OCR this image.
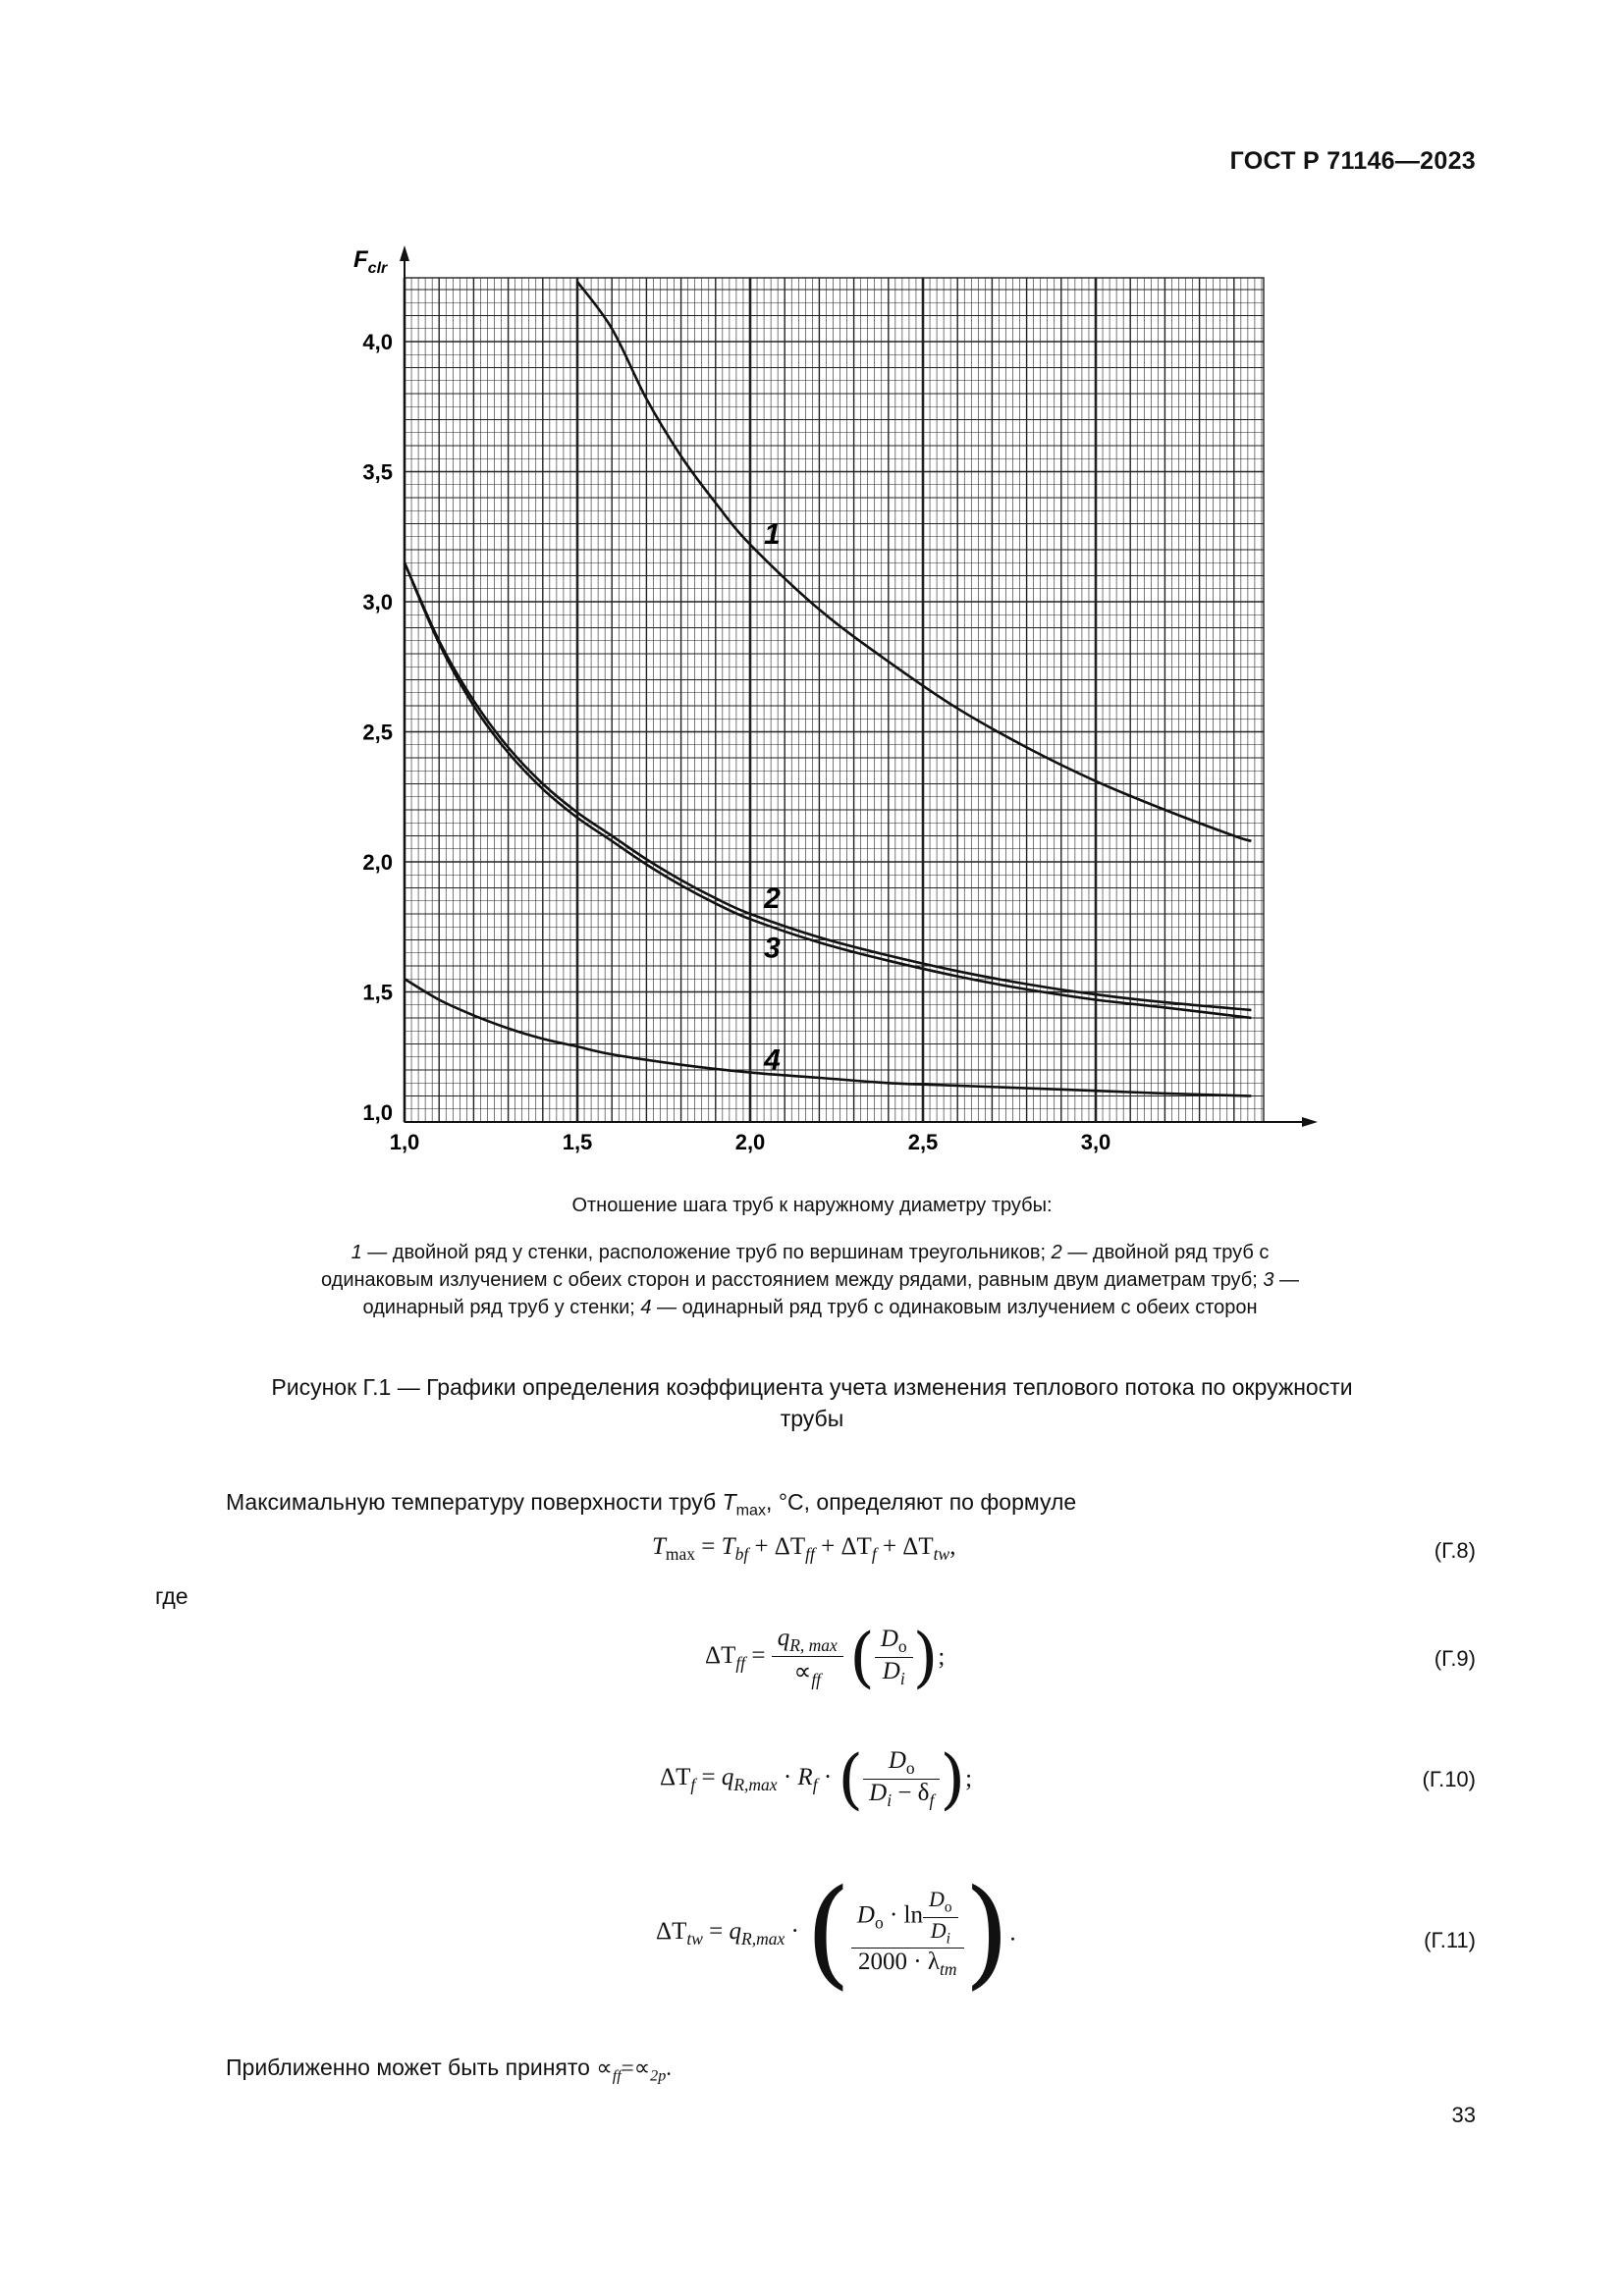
ГОСТ Р 71146—2023
1,0	1,5	2,0	2,5	3,0
1,0
1,5
2,0
2,5
3,0
3,5
4,0
1
2
3
4
$F_{clr}$
Отношение шага труб к наружному диаметру трубы:
1 — двойной ряд у стенки, расположение труб по вершинам треугольников; 2 — двойной ряд труб с одинаковым излучением с обеих сторон и расстоянием между рядами, равным двум диаметрам труб; 3 — одинарный ряд труб у стенки; 4 — одинарный ряд труб с одинаковым излучением с обеих сторон
Рисунок Г.1 — Графики определения коэффициента учета изменения теплового потока по окружности трубы
Максимальную температуру поверхности труб $T_{max}$, °С, определяют по формуле
$T_{max} = T_{bf} + \Delta T_{ff} + \Delta T_f + \Delta T_{tw}$,	(Г.8)
где
$\Delta T_{ff} = \frac{q_{R, max}}{\propto_{ff}}$ ( $\frac{D_o}{D_i}$ );	(Г.9)
$\Delta T_f = q_{R,max} \cdot R_f$ · ( $\frac{D_o}{D_i - \delta_f}$ );	(Г.10)
$\Delta T_{tw} = q_{R,max}$ · ( $\frac{D_o \cdot \ln \frac{D_o}{D_i}}{2000 \cdot \lambda_{tm}}$ ).	(Г.11)
Приближенно может быть принято $\propto_{ff}=\propto_{2p}$.
33
